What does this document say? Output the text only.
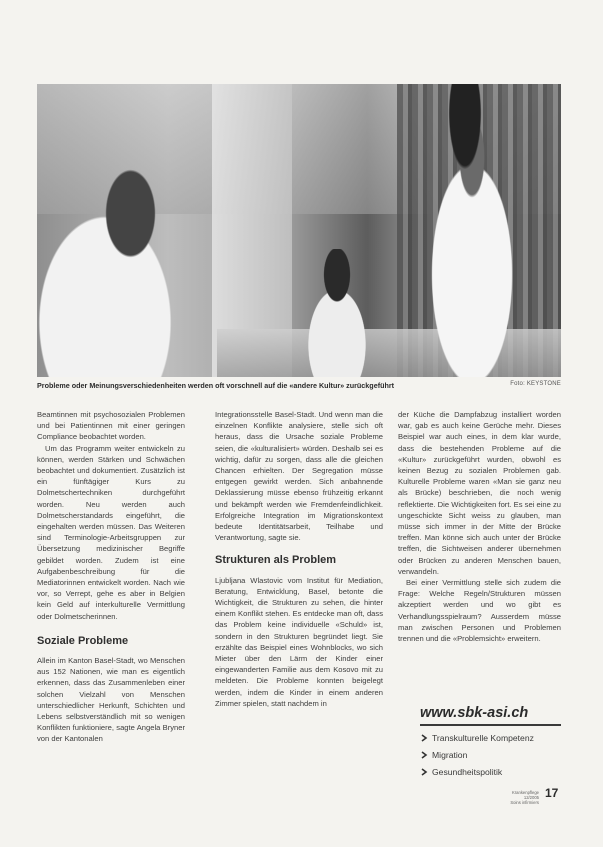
Probleme oder Meinungsverschiedenheiten werden oft vorschnell auf die «andere Kultur» zurückgeführt	Foto: KEYSTONE

Beamtinnen mit psychosozialen Problemen und bei Patientinnen mit einer geringen Compliance beobachtet worden.

Um das Programm weiter entwickeln zu können, werden Stärken und Schwächen beobachtet und dokumentiert. Zusätzlich ist ein fünftägiger Kurs zu Dolmetschertechniken durchgeführt worden. Neu werden auch Dolmetscherstandards eingeführt, die eingehalten werden müssen. Das Weiteren sind Terminologie-Arbeitsgruppen zur Übersetzung medizinischer Begriffe gebildet worden. Zudem ist eine Aufgabenbeschreibung für die Mediatorinnen entwickelt worden. Nach wie vor, so Verrept, gehe es aber in Belgien kein Geld auf interkulturelle Vermittlung oder Dolmetscherinnen.

Soziale Probleme

Allein im Kanton Basel-Stadt, wo Menschen aus 152 Nationen, wie man es eigentlich erkennen, dass das Zusammenleben einer solchen Vielzahl von Menschen unterschiedlicher Herkunft, Schichten und Lebens selbstverständlich mit so wenigen Konflikten funktioniere, sagte Angela Bryner von der Kantonalen

Integrationsstelle Basel-Stadt. Und wenn man die einzelnen Konflikte analysiere, stelle sich oft heraus, dass die Ursache soziale Probleme seien, die «kulturalisiert» würden. Deshalb sei es wichtig, dafür zu sorgen, dass alle die gleichen Chancen erhielten. Der Segregation müsse entgegen gewirkt werden. Sich anbahnende Deklassierung müsse ebenso frühzeitig erkannt und bekämpft werden wie Fremdenfeindlichkeit. Erfolgreiche Integration im Migrationskontext bedeute Identitätsarbeit, Teilhabe und Verantwortung, sagte sie.

Strukturen als Problem

Ljubljana Wlastovic vom Institut für Mediation, Beratung, Entwicklung, Basel, betonte die Wichtigkeit, die Strukturen zu sehen, die hinter einem Konflikt stehen. Es entdecke man oft, dass das Problem keine individuelle «Schuld» ist, sondern in den Strukturen begründet liegt. Sie erzählte das Beispiel eines Wohnblocks, wo sich Mieter über den Lärm der Kinder einer eingewanderten Familie aus dem Kosovo mit zu meldeten. Die Probleme konnten beigelegt werden, indem die Kinder in einem anderen Zimmer spielen, statt nachdem in

der Küche die Dampfabzug installiert worden war, gab es auch keine Gerüche mehr. Dieses Beispiel war auch eines, in dem klar wurde, dass die bestehenden Probleme auf die «Kultur» zurückgeführt wurden, obwohl es keinen Bezug zu sozialen Problemen gab. Kulturelle Probleme waren «Man sie ganz neu als Brücke) beschrieben, die noch wenig reflektierte. Die Wichtigkeiten fort. Es sei eine zu ungeschickte Sicht weiss zu glauben, man müsse sich immer in der Mitte der Brücke treffen. Man könne sich auch unter der Brücke treffen, die Sichtweisen anderer übernehmen oder Brücken zu anderen Menschen bauen, verwandeln.

Bei einer Vermittlung stelle sich zudem die Frage: Welche Regeln/Strukturen müssen akzeptiert werden und wo gibt es Verhandlungsspielraum? Ausserdem müsse man zwischen Personen und Problemen trennen und die «Problemsicht» erweitern.

www.sbk-asi.ch
Transkulturelle Kompetenz
Migration
Gesundheitspolitik
Krankenpflege 12/2005
Soins infirmiers
17
